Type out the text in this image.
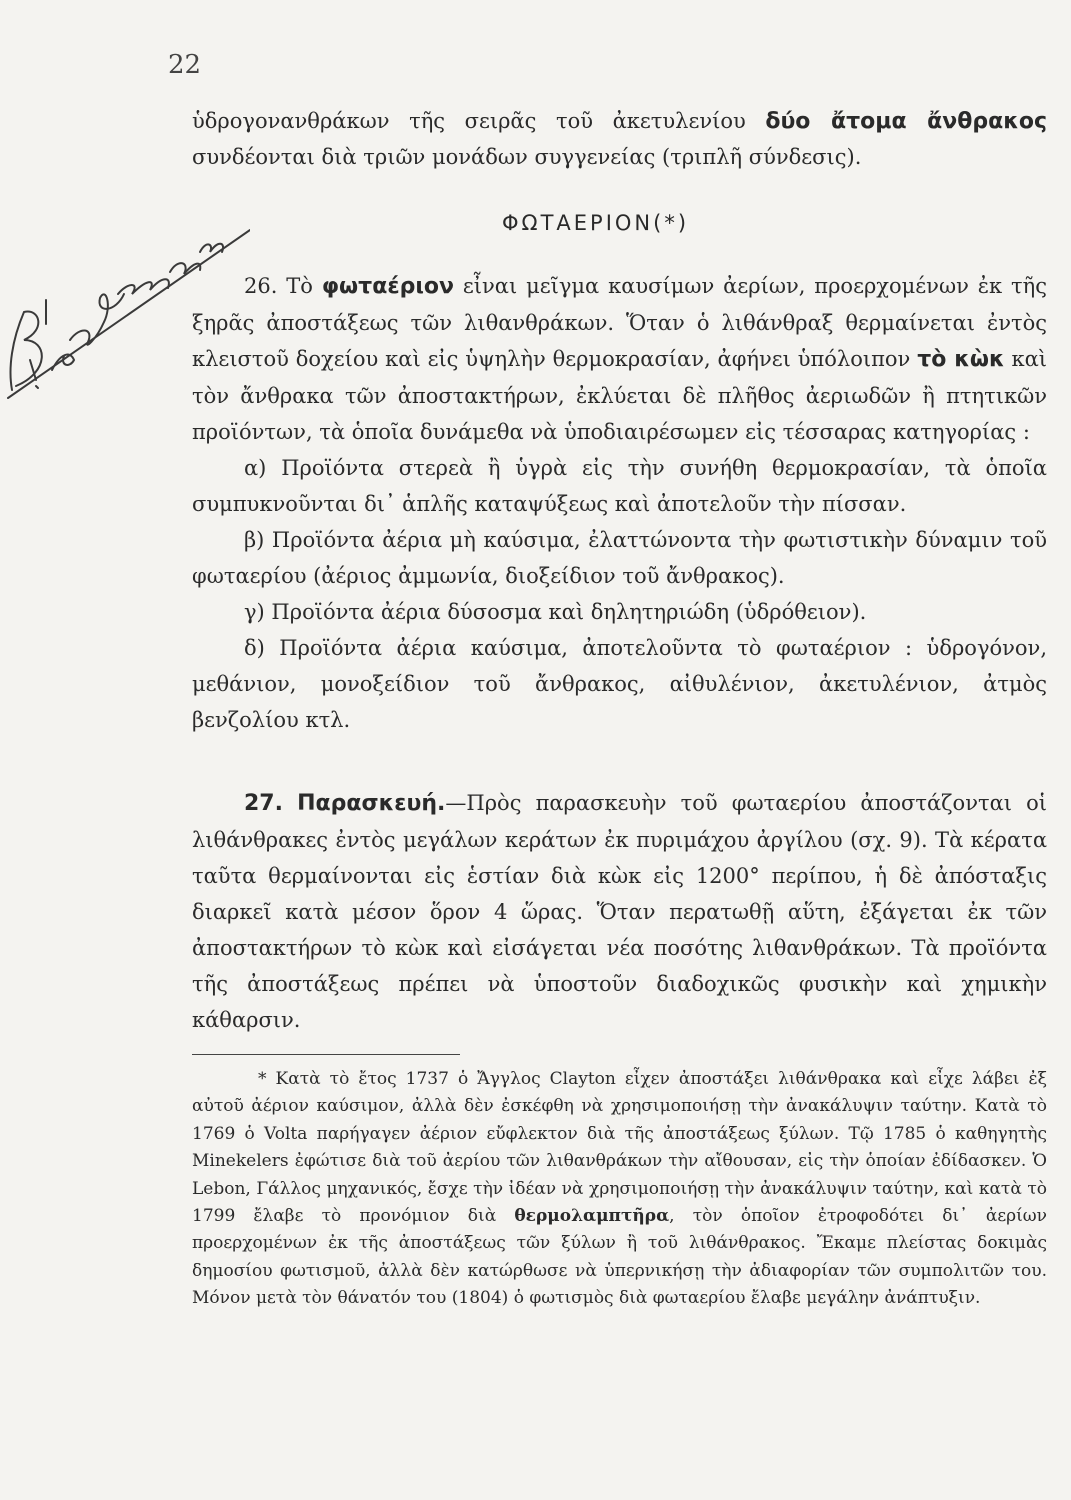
22
ὑδρογονανθράκων τῆς σειρᾶς τοῦ ἀκετυλενίου δύο ἄτομα ἄνθρακος συνδέονται διὰ τριῶν μονάδων συγγενείας (τριπλῆ σύνδεσις).
ΦΩΤΑΕΡΙΟΝ(*)
26. Τὸ φωταέριον εἶναι μεῖγμα καυσίμων ἀερίων, προερχομένων ἐκ τῆς ξηρᾶς ἀποστάξεως τῶν λιθανθράκων. Ὅταν ὁ λιθάνθραξ θερμαίνεται ἐντὸς κλειστοῦ δοχείου καὶ εἰς ὑψηλὴν θερμοκρασίαν, ἀφήνει ὑπόλοιπον τὸ κὼκ καὶ τὸν ἄνθρακα τῶν ἀποστακτήρων, ἐκλύεται δὲ πλῆθος ἀεριωδῶν ἢ πτητικῶν προϊόντων, τὰ ὁποῖα δυνάμεθα νὰ ὑποδιαιρέσωμεν εἰς τέσσαρας κατηγορίας :
α) Προϊόντα στερεὰ ἢ ὑγρὰ εἰς τὴν συνήθη θερμοκρασίαν, τὰ ὁποῖα συμπυκνοῦνται δι᾽ ἁπλῆς καταψύξεως καὶ ἀποτελοῦν τὴν πίσσαν.
β) Προϊόντα ἀέρια μὴ καύσιμα, ἐλαττώνοντα τὴν φωτιστικὴν δύναμιν τοῦ φωταερίου (ἀέριος ἀμμωνία, διοξείδιον τοῦ ἄνθρακος).
γ) Προϊόντα ἀέρια δύσοσμα καὶ δηλητηριώδη (ὑδρόθειον).
δ) Προϊόντα ἀέρια καύσιμα, ἀποτελοῦντα τὸ φωταέριον : ὑδρογόνον, μεθάνιον, μονοξείδιον τοῦ ἄνθρακος, αἰθυλένιον, ἀκετυλένιον, ἀτμὸς βενζολίου κτλ.
27. Παρασκευή.—Πρὸς παρασκευὴν τοῦ φωταερίου ἀποστάζονται οἱ λιθάνθρακες ἐντὸς μεγάλων κεράτων ἐκ πυριμάχου ἀργίλου (σχ. 9). Τὰ κέρατα ταῦτα θερμαίνονται εἰς ἑστίαν διὰ κὼκ εἰς 1200° περίπου, ἡ δὲ ἀπόσταξις διαρκεῖ κατὰ μέσον ὅρον 4 ὥρας. Ὅταν περατωθῇ αὕτη, ἐξάγεται ἐκ τῶν ἀποστακτήρων τὸ κὼκ καὶ εἰσάγεται νέα ποσότης λιθανθράκων. Τὰ προϊόντα τῆς ἀποστάξεως πρέπει νὰ ὑποστοῦν διαδοχικῶς φυσικὴν καὶ χημικὴν κάθαρσιν.
* Κατὰ τὸ ἔτος 1737 ὁ Ἄγγλος Clayton εἶχεν ἀποστάξει λιθάνθρακα καὶ εἶχε λάβει ἐξ αὐτοῦ ἀέριον καύσιμον, ἀλλὰ δὲν ἐσκέφθη νὰ χρησιμοποιήσῃ τὴν ἀνακάλυψιν ταύτην. Κατὰ τὸ 1769 ὁ Volta παρήγαγεν ἀέριον εὔφλεκτον διὰ τῆς ἀποστάξεως ξύλων. Τῷ 1785 ὁ καθηγητὴς Minekelers ἐφώτισε διὰ τοῦ ἀερίου τῶν λιθανθράκων τὴν αἴθουσαν, εἰς τὴν ὁποίαν ἐδίδασκεν. Ὁ Lebon, Γάλλος μηχανικός, ἔσχε τὴν ἰδέαν νὰ χρησιμοποιήσῃ τὴν ἀνακάλυψιν ταύτην, καὶ κατὰ τὸ 1799 ἔλαβε τὸ προνόμιον διὰ θερμολαμπτῆρα, τὸν ὁποῖον ἐτροφοδότει δι᾽ ἀερίων προερχομένων ἐκ τῆς ἀποστάξεως τῶν ξύλων ἢ τοῦ λιθάνθρακος. Ἔκαμε πλείστας δοκιμὰς δημοσίου φωτισμοῦ, ἀλλὰ δὲν κατώρθωσε νὰ ὑπερνικήσῃ τὴν ἀδιαφορίαν τῶν συμπολιτῶν του. Μόνον μετὰ τὸν θάνατόν του (1804) ὁ φωτισμὸς διὰ φωταερίου ἔλαβε μεγάλην ἀνάπτυξιν.
